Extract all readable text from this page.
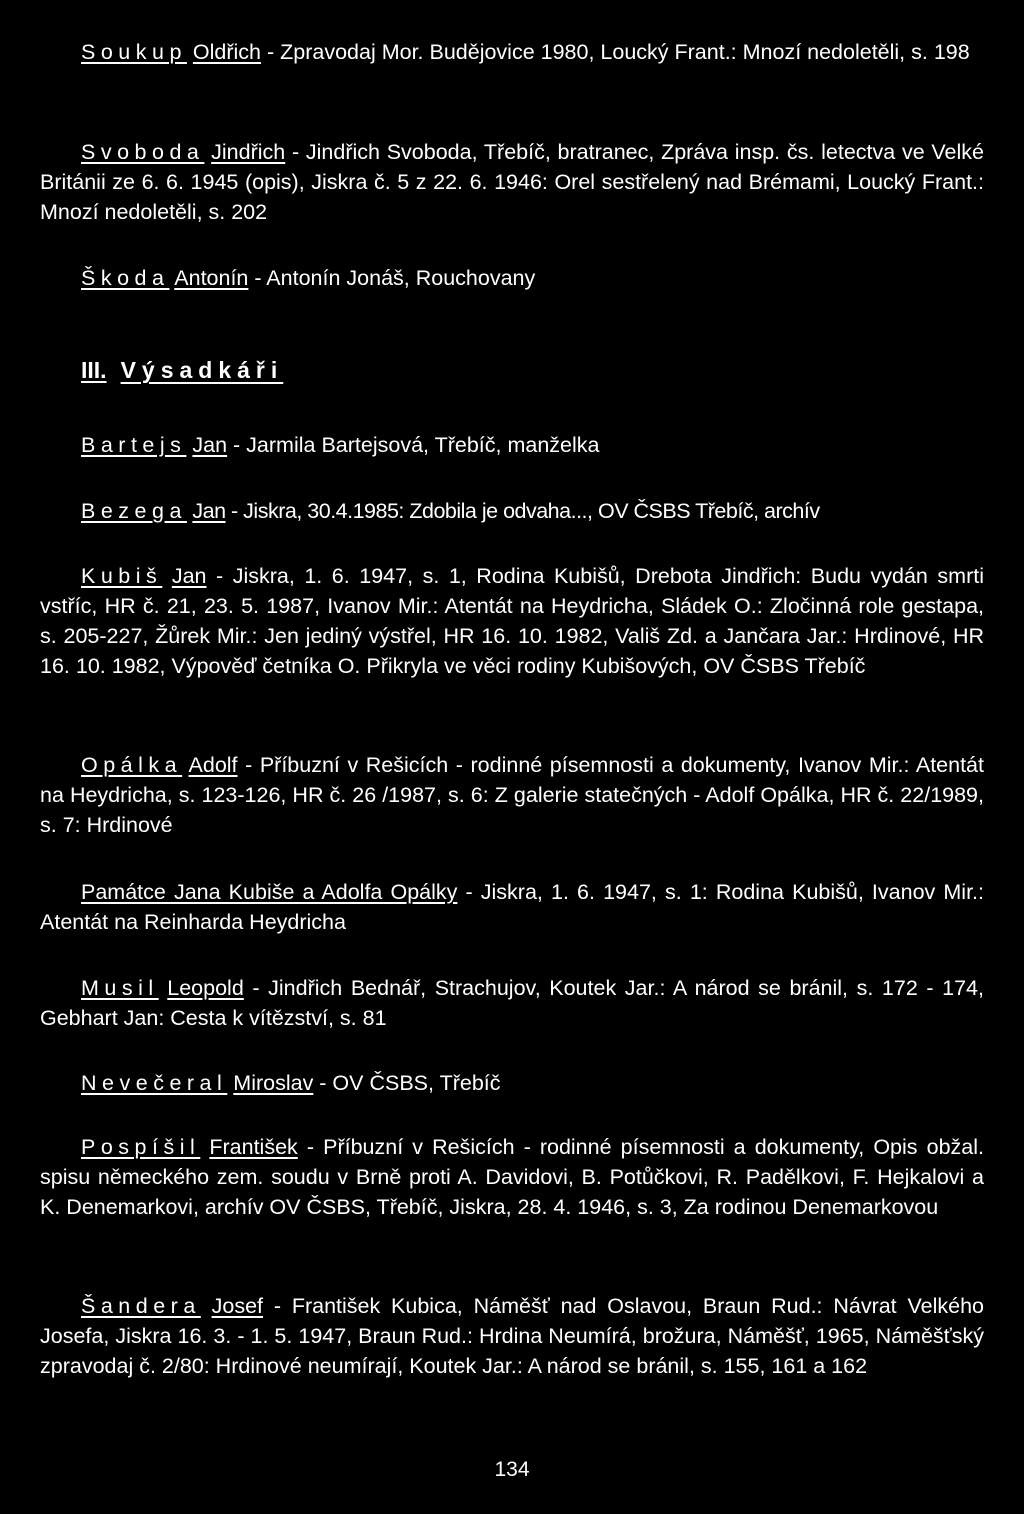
Soukup Oldřich - Zpravodaj Mor. Budějovice 1980, Loucký Frant.: Mnozí nedoletěli, s. 198

Svoboda Jindřich - Jindřich Svoboda, Třebíč, bratranec, Zpráva insp. čs. letectva ve Velké Británii ze 6. 6. 1945 (opis), Jiskra č. 5 z 22. 6. 1946: Orel sestřelený nad Brémami, Loucký Frant.: Mnozí nedoletěli, s. 202

Škoda Antonín - Antonín Jonáš, Rouchovany

III. Výsadkáři

Bartejs Jan - Jarmila Bartejsová, Třebíč, manželka

Bezega Jan - Jiskra, 30.4.1985: Zdobila je odvaha..., OV ČSBS Třebíč, archív

Kubiš Jan - Jiskra, 1. 6. 1947, s. 1, Rodina Kubišů, Drebota Jindřich: Budu vydán smrti vstříc, HR č. 21, 23. 5. 1987, Ivanov Mir.: Atentát na Heydricha, Sládek O.: Zločinná role gestapa, s. 205-227, Žůrek Mir.: Jen jediný výstřel, HR 16. 10. 1982, Vališ Zd. a Jančara Jar.: Hrdinové, HR 16. 10. 1982, Výpověď četníka O. Přikryla ve věci rodiny Kubišových, OV ČSBS Třebíč

Opálka Adolf - Příbuzní v Rešicích - rodinné písemnosti a dokumenty, Ivanov Mir.: Atentát na Heydricha, s. 123-126, HR č. 26 /1987, s. 6: Z galerie statečných - Adolf Opálka, HR č. 22/1989, s. 7: Hrdinové

Památce Jana Kubiše a Adolfa Opálky - Jiskra, 1. 6. 1947, s. 1: Rodina Kubišů, Ivanov Mir.: Atentát na Reinharda Heydricha

Musil Leopold - Jindřich Bednář, Strachujov, Koutek Jar.: A národ se bránil, s. 172 - 174, Gebhart Jan: Cesta k vítězství, s. 81

Nevečeral Miroslav - OV ČSBS, Třebíč

Pospíšil František - Příbuzní v Rešicích - rodinné písemnosti a dokumenty, Opis obžal. spisu německého zem. soudu v Brně proti A. Davidovi, B. Potůčkovi, R. Padělkovi, F. Hejkalovi a K. Denemarkovi, archív OV ČSBS, Třebíč, Jiskra, 28. 4. 1946, s. 3, Za rodinou Denemarkovou

Šandera Josef - František Kubica, Náměšť nad Oslavou, Braun Rud.: Návrat Velkého Josefa, Jiskra 16. 3. - 1. 5. 1947, Braun Rud.: Hrdina Neumírá, brožura, Náměšť, 1965, Náměšťský zpravodaj č. 2/80: Hrdinové neumírají, Koutek Jar.: A národ se bránil, s. 155, 161 a 162

134
